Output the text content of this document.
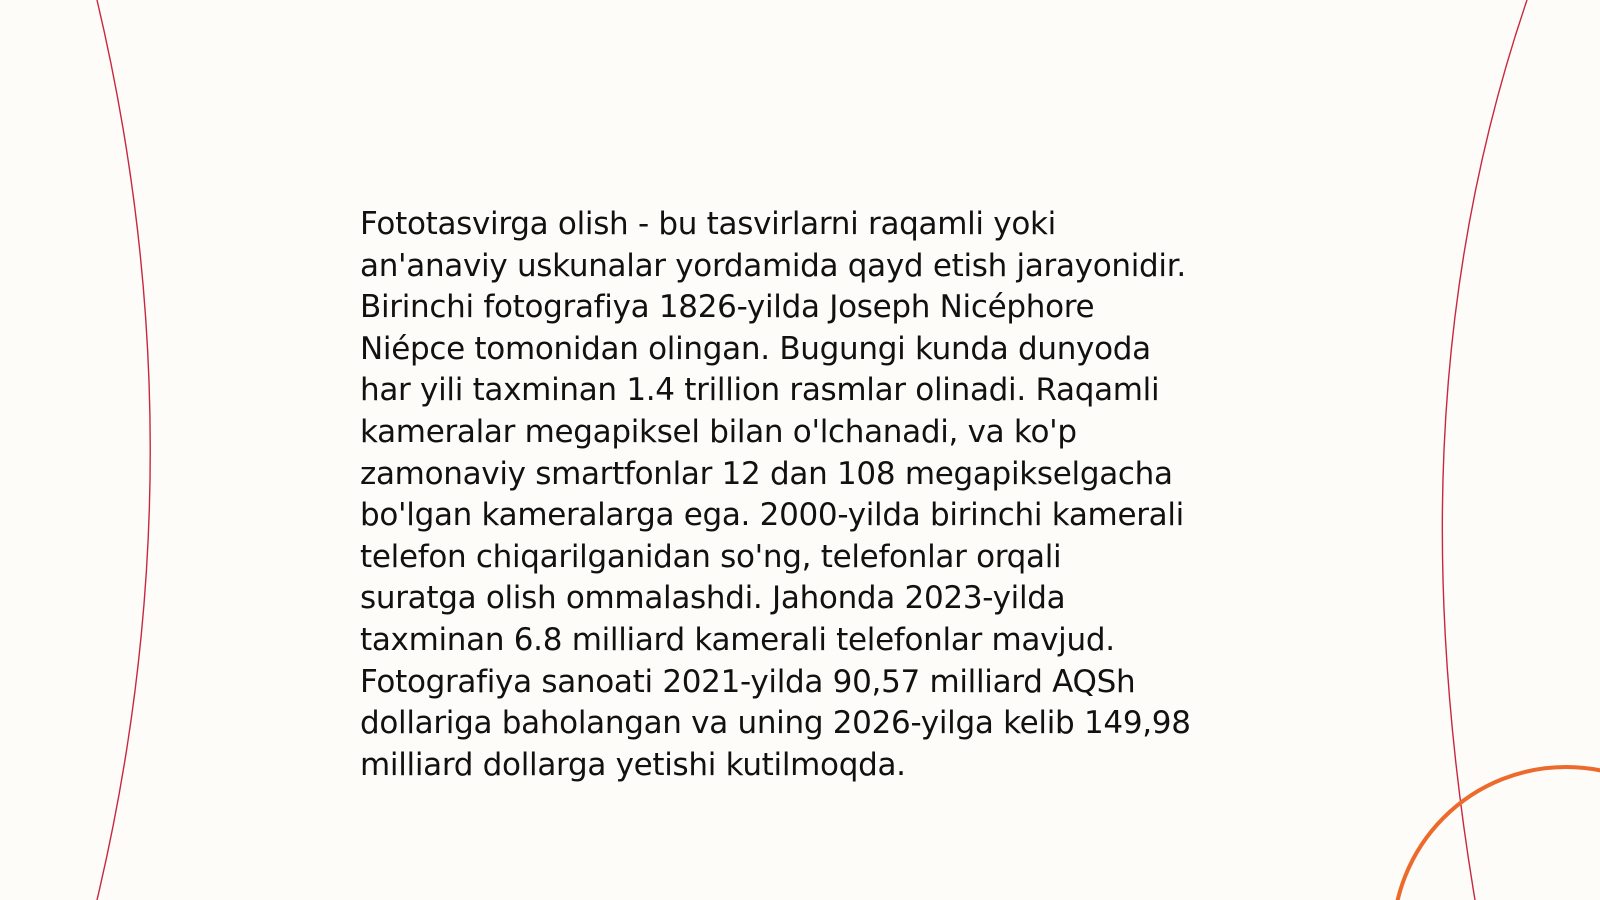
Fototasvirga olish - bu tasvirlarni raqamli yoki
an'anaviy uskunalar yordamida qayd etish jarayonidir.
Birinchi fotografiya 1826-yilda Joseph Nicéphore
Niépce tomonidan olingan. Bugungi kunda dunyoda
har yili taxminan 1.4 trillion rasmlar olinadi. Raqamli
kameralar megapiksel bilan o'lchanadi, va ko'p
zamonaviy smartfonlar 12 dan 108 megapikselgacha
bo'lgan kameralarga ega. 2000-yilda birinchi kamerali
telefon chiqarilganidan so'ng, telefonlar orqali
suratga olish ommalashdi. Jahonda 2023-yilda
taxminan 6.8 milliard kamerali telefonlar mavjud.
Fotografiya sanoati 2021-yilda 90,57 milliard AQSh
dollariga baholangan va uning 2026-yilga kelib 149,98
milliard dollarga yetishi kutilmoqda.
